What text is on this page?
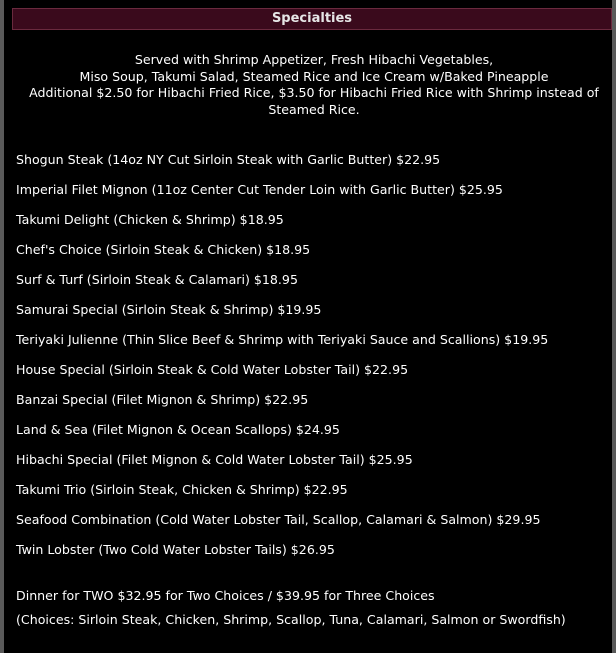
Specialties
Served with Shrimp Appetizer, Fresh Hibachi Vegetables,
Miso Soup, Takumi Salad, Steamed Rice and Ice Cream w/Baked Pineapple
Additional $2.50 for Hibachi Fried Rice, $3.50 for Hibachi Fried Rice with Shrimp instead of
Steamed Rice.
Shogun Steak (14oz NY Cut Sirloin Steak with Garlic Butter) $22.95
Imperial Filet Mignon (11oz Center Cut Tender Loin with Garlic Butter) $25.95
Takumi Delight (Chicken & Shrimp) $18.95
Chef's Choice (Sirloin Steak & Chicken) $18.95
Surf & Turf (Sirloin Steak & Calamari) $18.95
Samurai Special (Sirloin Steak & Shrimp) $19.95
Teriyaki Julienne (Thin Slice Beef & Shrimp with Teriyaki Sauce and Scallions) $19.95
House Special (Sirloin Steak & Cold Water Lobster Tail) $22.95
Banzai Special (Filet Mignon & Shrimp) $22.95
Land & Sea (Filet Mignon & Ocean Scallops) $24.95
Hibachi Special (Filet Mignon & Cold Water Lobster Tail) $25.95
Takumi Trio (Sirloin Steak, Chicken & Shrimp) $22.95
Seafood Combination (Cold Water Lobster Tail, Scallop, Calamari & Salmon) $29.95
Twin Lobster (Two Cold Water Lobster Tails) $26.95
Dinner for TWO $32.95 for Two Choices / $39.95 for Three Choices
(Choices: Sirloin Steak, Chicken, Shrimp, Scallop, Tuna, Calamari, Salmon or Swordfish)
